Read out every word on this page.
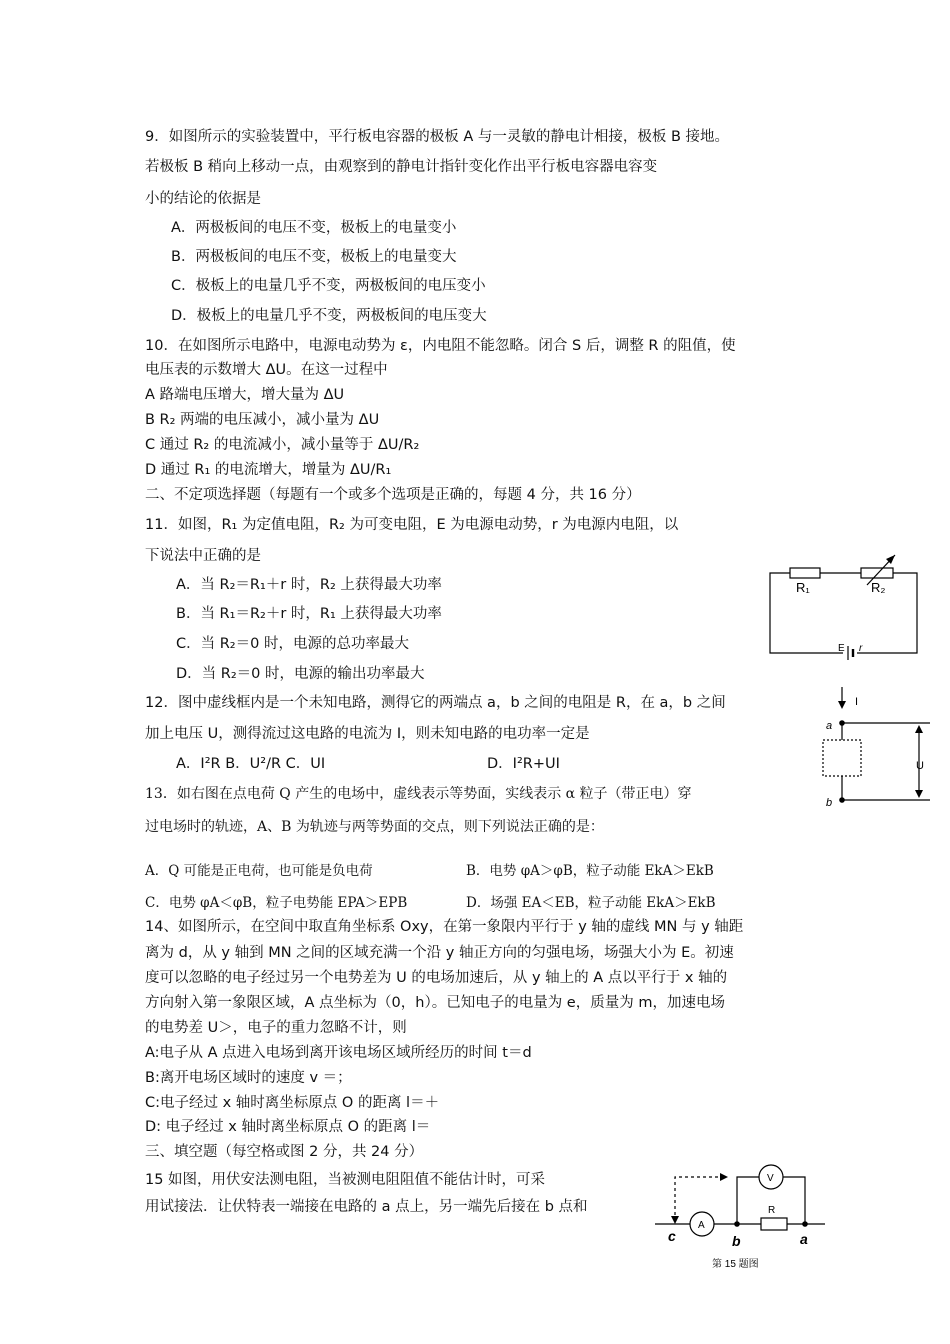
9．如图所示的实验装置中，平行板电容器的极板 A 与一灵敏的静电计相接，极板 B 接地。
若极板 B 稍向上移动一点，由观察到的静电计指针变化作出平行板电容器电容变
小的结论的依据是
A．两极板间的电压不变，极板上的电量变小
B．两极板间的电压不变，极板上的电量变大
C．极板上的电量几乎不变，两极板间的电压变小
D．极板上的电量几乎不变，两极板间的电压变大
10．在如图所示电路中，电源电动势为 ε，内电阻不能忽略。闭合 S 后，调整 R 的阻值，使
电压表的示数增大 ΔU。在这一过程中
A 路端电压增大，增大量为 ΔU
B R₂ 两端的电压减小，减小量为 ΔU
C 通过 R₂ 的电流减小，减小量等于 ΔU/R₂
D 通过 R₁ 的电流增大，增量为 ΔU/R₁
二、不定项选择题（每题有一个或多个选项是正确的，每题 4 分，共 16 分）
11．如图，R₁ 为定值电阻，R₂ 为可变电阻，E 为电源电动势，r 为电源内电阻，以
下说法中正确的是
A．当 R₂＝R₁＋r 时，R₂ 上获得最大功率
B．当 R₁＝R₂＋r 时，R₁ 上获得最大功率
C．当 R₂＝0 时，电源的总功率最大
D．当 R₂＝0 时，电源的输出功率最大
R₁	R₂
E r
12．图中虚线框内是一个未知电路，测得它的两端点 a，b 之间的电阻是 R，在 a，b 之间
加上电压 U，测得流过这电路的电流为 I，则未知电路的电功率一定是
A．I²R B．U²/R C．UI	D．I²R+UI
I
a
b
U
13．如右图在点电荷 Q 产生的电场中，虚线表示等势面，实线表示 α 粒子（带正电）穿
过电场时的轨迹，A、B 为轨迹与两等势面的交点，则下列说法正确的是：
A．Q 可能是正电荷，也可能是负电荷	B．电势 φA＞φB，粒子动能 EkA＞EkB
C．电势 φA＜φB，粒子电势能 EPA＞EPB	D．场强 EA＜EB，粒子动能 EkA＞EkB
14、如图所示，在空间中取直角坐标系 Oxy，在第一象限内平行于 y 轴的虚线 MN 与 y 轴距
离为 d，从 y 轴到 MN 之间的区域充满一个沿 y 轴正方向的匀强电场，场强大小为 E。初速
度可以忽略的电子经过另一个电势差为 U 的电场加速后，从 y 轴上的 A 点以平行于 x 轴的
方向射入第一象限区域，A 点坐标为（0，h）。已知电子的电量为 e，质量为 m，加速电场
的电势差 U＞，电子的重力忽略不计，则
A:电子从 A 点进入电场到离开该电场区域所经历的时间 t＝d
B:离开电场区域时的速度 v ＝；
C:电子经过 x 轴时离坐标原点 O 的距离 l＝＋
D: 电子经过 x 轴时离坐标原点 O 的距离 l＝
三、填空题（每空格或图 2 分，共 24 分）
15 如图，用伏安法测电阻，当被测电阻阻值不能估计时，可采
用试接法．让伏特表一端接在电路的 a 点上，另一端先后接在 b 点和
V
A
R
c	b	a
第 15 题图
